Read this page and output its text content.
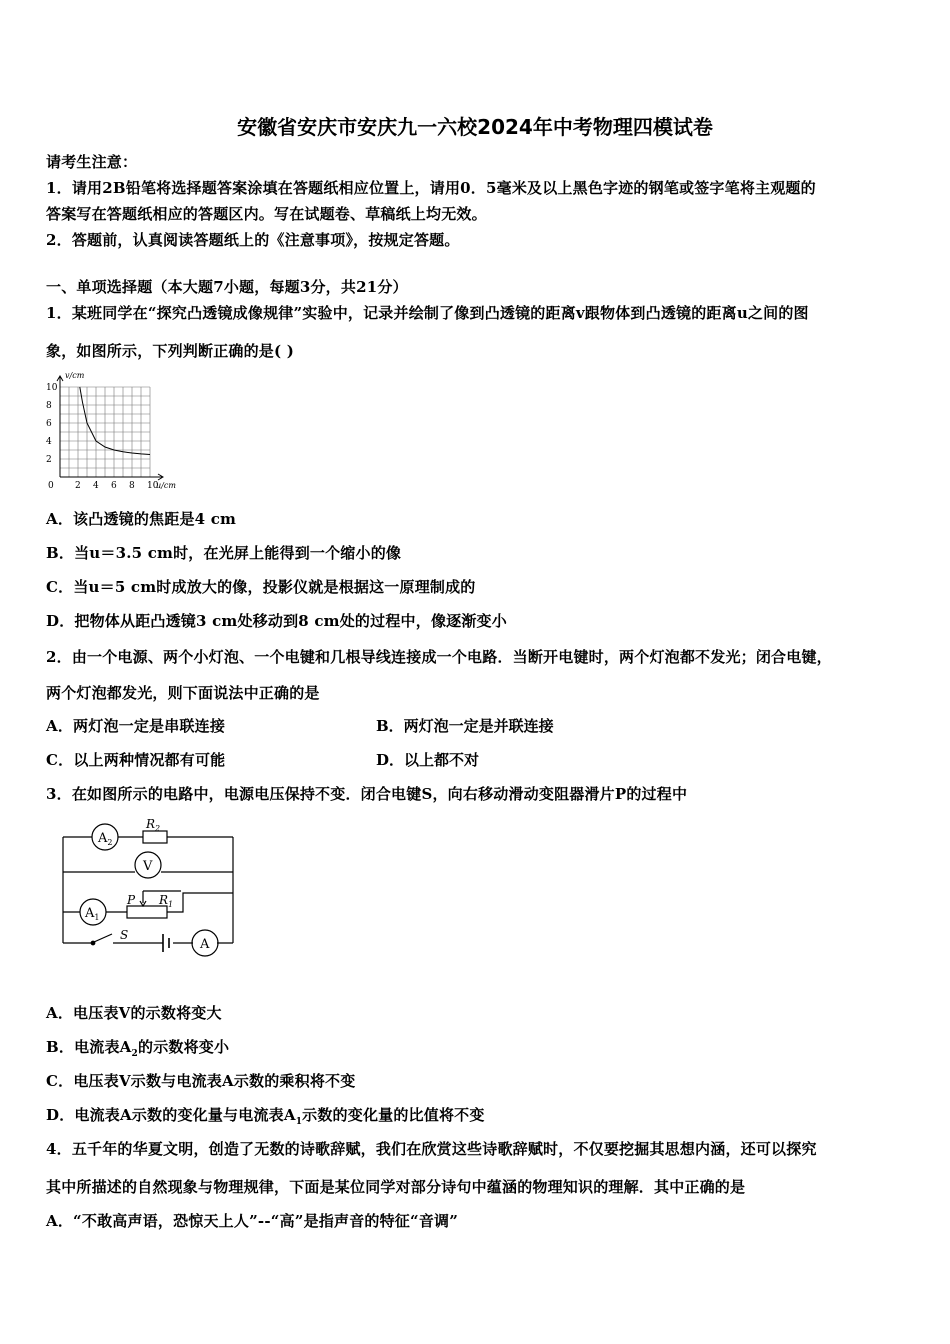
安徽省安庆市安庆九一六校2024年中考物理四模试卷
请考生注意：
1．请用2B铅笔将选择题答案涂填在答题纸相应位置上，请用0．5毫米及以上黑色字迹的钢笔或签字笔将主观题的
答案写在答题纸相应的答题区内。写在试题卷、草稿纸上均无效。
2．答题前，认真阅读答题纸上的《注意事项》，按规定答题。
一、单项选择题（本大题7小题，每题3分，共21分）
1．某班同学在“探究凸透镜成像规律”实验中，记录并绘制了像到凸透镜的距离v跟物体到凸透镜的距离u之间的图
象，如图所示，下列判断正确的是( )
2
4
6
8
10
2 4 6 8 10
v/cm
u/cm
0
A．该凸透镜的焦距是4 cm
B．当u＝3.5 cm时，在光屏上能得到一个缩小的像
C．当u＝5 cm时成放大的像，投影仪就是根据这一原理制成的
D．把物体从距凸透镜3 cm处移动到8 cm处的过程中，像逐渐变小
2．由一个电源、两个小灯泡、一个电键和几根导线连接成一个电路．当断开电键时，两个灯泡都不发光；闭合电键，
两个灯泡都发光，则下面说法中正确的是
A．两灯泡一定是串联连接	B．两灯泡一定是并联连接
C．以上两种情况都有可能	D．以上都不对
3．在如图所示的电路中，电源电压保持不变．闭合电键S，向右移动滑动变阻器滑片P的过程中
$A_2$
$R_2$
V
$A_1$
P $R_1$
S
A
A．电压表V的示数将变大
B．电流表$A_2$的示数将变小
C．电压表V示数与电流表A示数的乘积将不变
D．电流表A示数的变化量与电流表$A_1$示数的变化量的比值将不变
4．五千年的华夏文明，创造了无数的诗歌辞赋，我们在欣赏这些诗歌辞赋时，不仅要挖掘其思想内涵，还可以探究
其中所描述的自然现象与物理规律，下面是某位同学对部分诗句中蕴涵的物理知识的理解．其中正确的是
A．“不敢高声语，恐惊天上人”--“高”是指声音的特征“音调”
